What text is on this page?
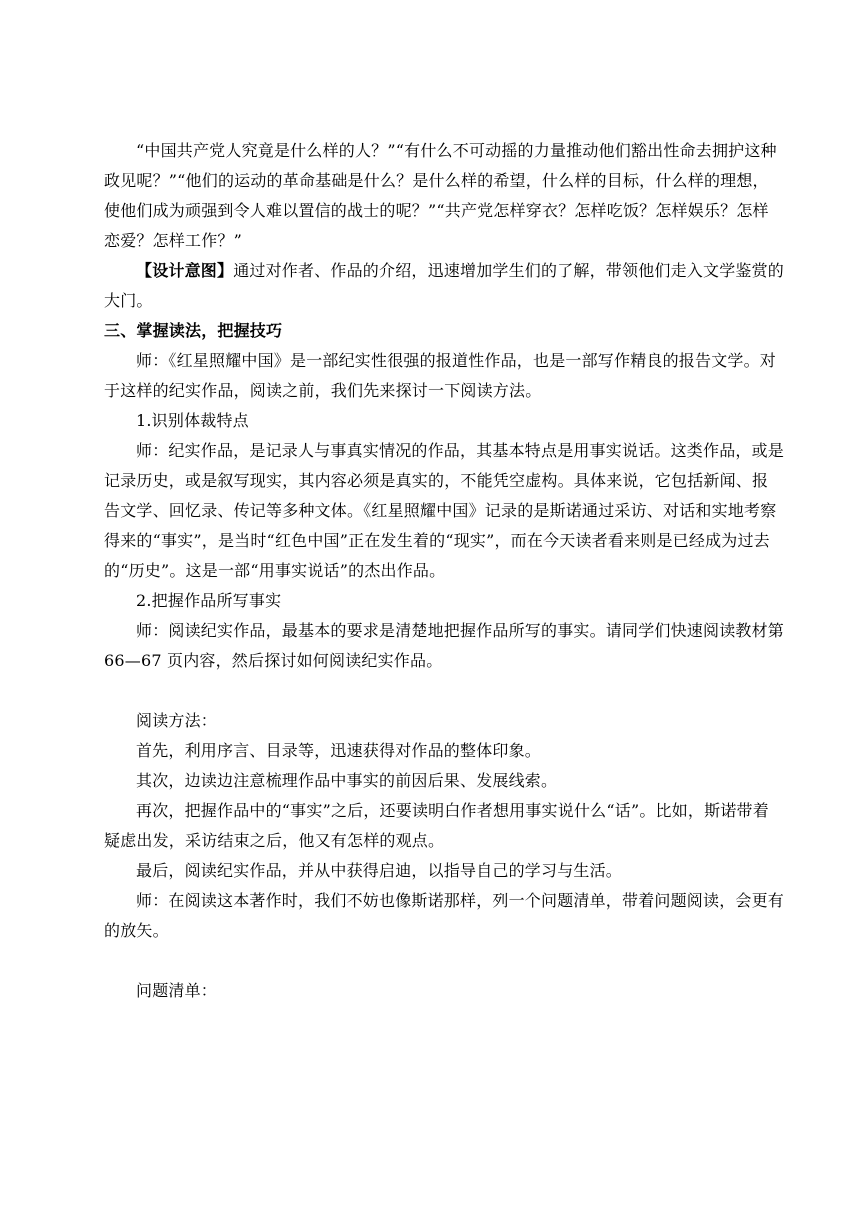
“中国共产党人究竟是什么样的人？”“有什么不可动摇的力量推动他们豁出性命去拥护这种政见呢？”“他们的运动的革命基础是什么？是什么样的希望，什么样的目标，什么样的理想，使他们成为顽强到令人难以置信的战士的呢？”“共产党怎样穿衣？怎样吃饭？怎样娱乐？怎样恋爱？怎样工作？”

【设计意图】通过对作者、作品的介绍，迅速增加学生们的了解，带领他们走入文学鉴赏的大门。

三、掌握读法，把握技巧

师：《红星照耀中国》是一部纪实性很强的报道性作品，也是一部写作精良的报告文学。对于这样的纪实作品，阅读之前，我们先来探讨一下阅读方法。

1.识别体裁特点

师：纪实作品，是记录人与事真实情况的作品，其基本特点是用事实说话。这类作品，或是记录历史，或是叙写现实，其内容必须是真实的，不能凭空虚构。具体来说，它包括新闻、报告文学、回忆录、传记等多种文体。《红星照耀中国》记录的是斯诺通过采访、对话和实地考察得来的“事实”，是当时“红色中国”正在发生着的“现实”，而在今天读者看来则是已经成为过去的“历史”。这是一部“用事实说话”的杰出作品。

2.把握作品所写事实

师：阅读纪实作品，最基本的要求是清楚地把握作品所写的事实。请同学们快速阅读教材第 66—67 页内容，然后探讨如何阅读纪实作品。

阅读方法：

首先，利用序言、目录等，迅速获得对作品的整体印象。

其次，边读边注意梳理作品中事实的前因后果、发展线索。

再次，把握作品中的“事实”之后，还要读明白作者想用事实说什么“话”。比如，斯诺带着疑虑出发，采访结束之后，他又有怎样的观点。

最后，阅读纪实作品，并从中获得启迪，以指导自己的学习与生活。

师：在阅读这本著作时，我们不妨也像斯诺那样，列一个问题清单，带着问题阅读，会更有的放矢。

问题清单：
